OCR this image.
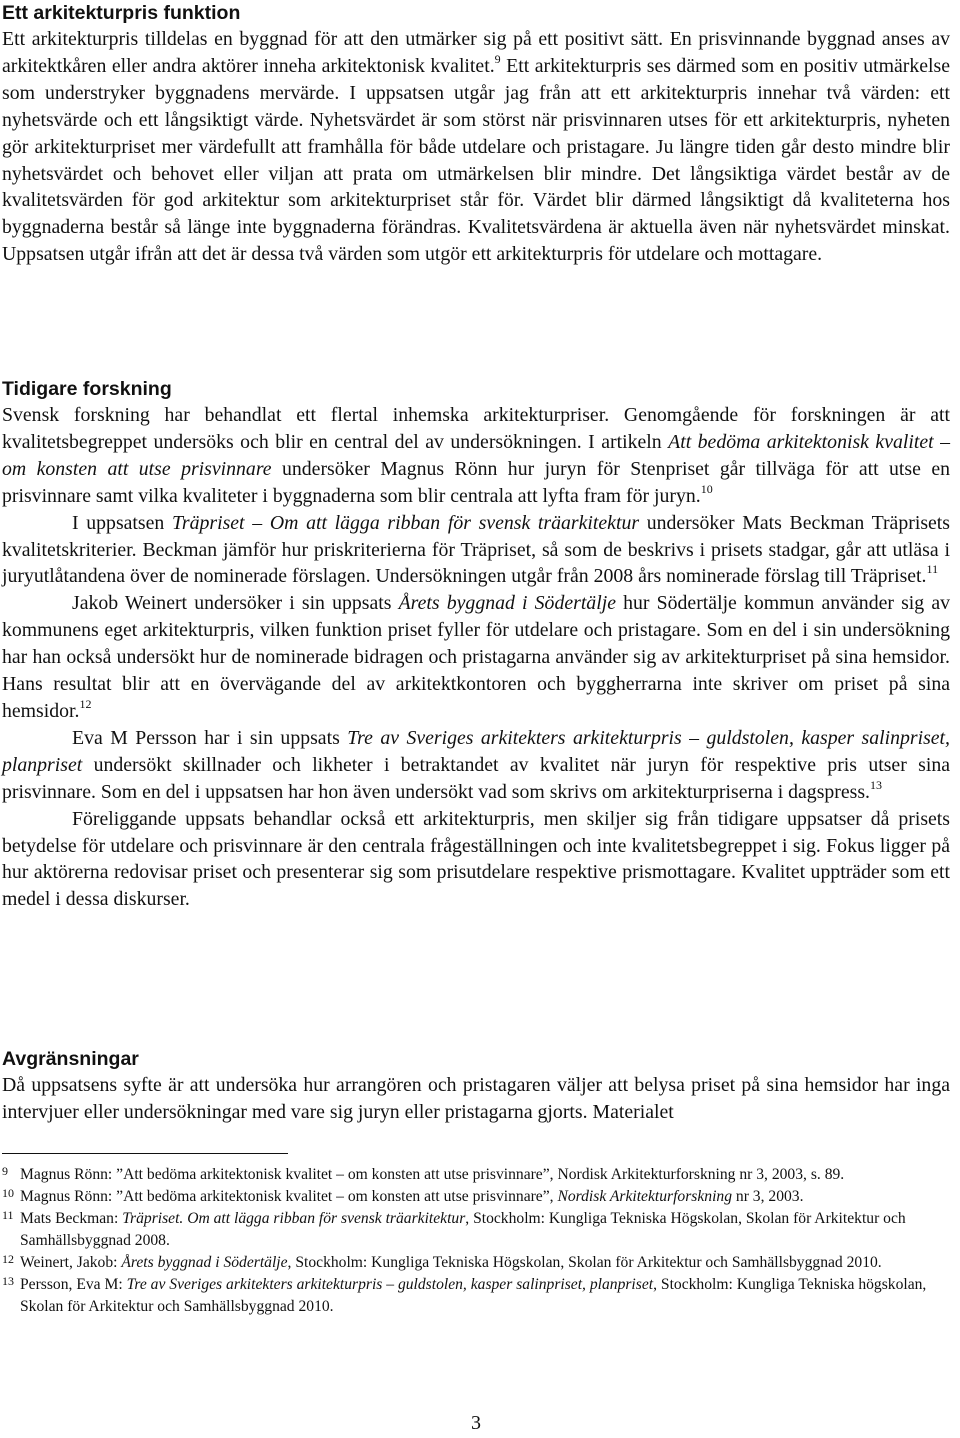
Ett arkitekturpris funktion

Ett arkitekturpris tilldelas en byggnad för att den utmärker sig på ett positivt sätt. En prisvinnande byggnad anses av arkitektkåren eller andra aktörer inneha arkitektonisk kvalitet.$^9$ Ett arkitekturpris ses därmed som en positiv utmärkelse som understryker byggnadens mervärde. I uppsatsen utgår jag från att ett arkitekturpris innehar två värden: ett nyhetsvärde och ett långsiktigt värde. Nyhetsvärdet är som störst när prisvinnaren utses för ett arkitekturpris, nyheten gör arkitekturpriset mer värdefullt att framhålla för både utdelare och pristagare. Ju längre tiden går desto mindre blir nyhetsvärdet och behovet eller viljan att prata om utmärkelsen blir mindre. Det långsiktiga värdet består av de kvalitetsvärden för god arkitektur som arkitekturpriset står för. Värdet blir därmed långsiktigt då kvaliteterna hos byggnaderna består så länge inte byggnaderna förändras. Kvalitetsvärdena är aktuella även när nyhetsvärdet minskat. Uppsatsen utgår ifrån att det är dessa två värden som utgör ett arkitekturpris för utdelare och mottagare.

Tidigare forskning

Svensk forskning har behandlat ett flertal inhemska arkitekturpriser. Genomgående för forskningen är att kvalitetsbegreppet undersöks och blir en central del av undersökningen. I artikeln Att bedöma arkitektonisk kvalitet – om konsten att utse prisvinnare undersöker Magnus Rönn hur juryn för Stenpriset går tillväga för att utse en prisvinnare samt vilka kvaliteter i byggnaderna som blir centrala att lyfta fram för juryn.$^{10}$

I uppsatsen Träpriset – Om att lägga ribban för svensk träarkitektur undersöker Mats Beckman Träprisets kvalitetskriterier. Beckman jämför hur priskriterierna för Träpriset, så som de beskrivs i prisets stadgar, går att utläsa i juryutlåtandena över de nominerade förslagen. Undersökningen utgår från 2008 års nominerade förslag till Träpriset.$^{11}$

Jakob Weinert undersöker i sin uppsats Årets byggnad i Södertälje hur Södertälje kommun använder sig av kommunens eget arkitekturpris, vilken funktion priset fyller för utdelare och pristagare. Som en del i sin undersökning har han också undersökt hur de nominerade bidragen och pristagarna använder sig av arkitekturpriset på sina hemsidor. Hans resultat blir att en övervägande del av arkitektkontoren och byggherrarna inte skriver om priset på sina hemsidor.$^{12}$

Eva M Persson har i sin uppsats Tre av Sveriges arkitekters arkitekturpris – guldstolen, kasper salinpriset, planpriset undersökt skillnader och likheter i betraktandet av kvalitet när juryn för respektive pris utser sina prisvinnare. Som en del i uppsatsen har hon även undersökt vad som skrivs om arkitekturpriserna i dagspress.$^{13}$

Föreliggande uppsats behandlar också ett arkitekturpris, men skiljer sig från tidigare uppsatser då prisets betydelse för utdelare och prisvinnare är den centrala frågeställningen och inte kvalitetsbegreppet i sig. Fokus ligger på hur aktörerna redovisar priset och presenterar sig som prisutdelare respektive prismottagare. Kvalitet uppträder som ett medel i dessa diskurser.

Avgränsningar

Då uppsatsens syfte är att undersöka hur arrangören och pristagaren väljer att belysa priset på sina hemsidor har inga intervjuer eller undersökningar med vare sig juryn eller pristagarna gjorts. Materialet

9 Magnus Rönn: ”Att bedöma arkitektonisk kvalitet – om konsten att utse prisvinnare”, Nordisk Arkitekturforskning nr 3, 2003, s. 89.

10 Magnus Rönn: ”Att bedöma arkitektonisk kvalitet – om konsten att utse prisvinnare”, Nordisk Arkitekturforskning nr 3, 2003.

11 Mats Beckman: Träpriset. Om att lägga ribban för svensk träarkitektur, Stockholm: Kungliga Tekniska Högskolan, Skolan för Arkitektur och Samhällsbyggnad 2008.

12 Weinert, Jakob: Årets byggnad i Södertälje, Stockholm: Kungliga Tekniska Högskolan, Skolan för Arkitektur och Samhällsbyggnad 2010.

13 Persson, Eva M: Tre av Sveriges arkitekters arkitekturpris – guldstolen, kasper salinpriset, planpriset, Stockholm: Kungliga Tekniska högskolan, Skolan för Arkitektur och Samhällsbyggnad 2010.

3
